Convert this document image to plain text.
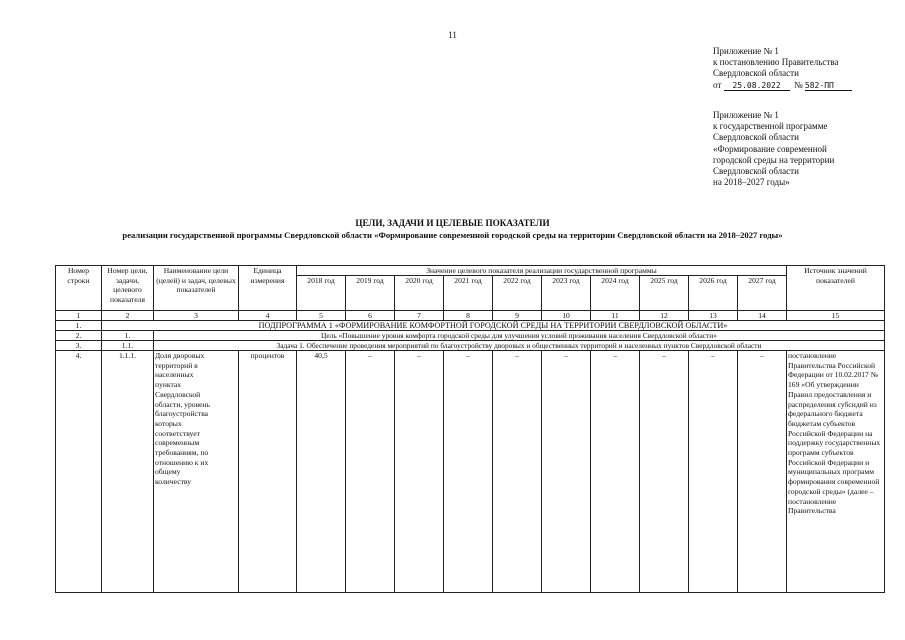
11
Приложение № 1
к постановлению Правительства
Свердловской области
от 25.08.2022 № 582-ПП
Приложение № 1
к государственной программе
Свердловской области
«Формирование современной
городской среды на территории
Свердловской области
на 2018–2027 годы»
ЦЕЛИ, ЗАДАЧИ И ЦЕЛЕВЫЕ ПОКАЗАТЕЛИ
реализации государственной программы Свердловской области «Формирование современной городской среды на территории Свердловской области на 2018–2027 годы»
Номер строки	Номер цели, задачи, целевого показателя	Наименование цели (целей) и задач, целевых показателей	Единица измерения	Значение целевого показателя реализации государственной программы										Источник значений показателей
				2018 год	2019 год	2020 год	2021 год	2022 год	2023 год	2024 год	2025 год	2026 год	2027 год	
1	2	3	4	5	6	7	8	9	10	11	12	13	14	15
1.	ПОДПРОГРАММА 1 «ФОРМИРОВАНИЕ КОМФОРТНОЙ ГОРОДСКОЙ СРЕДЫ НА ТЕРРИТОРИИ СВЕРДЛОВСКОЙ ОБЛАСТИ»													
2.	1.	Цель «Повышение уровня комфорта городской среды для улучшения условий проживания населения Свердловской области»												
3.	1.1.	Задача 1. Обеспечение проведения мероприятий по благоустройству дворовых и общественных территорий и населенных пунктов Свердловской области												
4.	1.1.1.	Доля дворовых территорий в населенных пунктах Свердловской области, уровень благоустройства которых соответствует современным требованиям, по отношению к их общему количеству	процентов	40,5	–	–	–	–	–	–	–	–	–	постановление Правительства Российской Федерации от 10.02.2017 № 169 «Об утверждении Правил предоставления и распределения субсидий из федерального бюджета бюджетам субъектов Российской Федерации на поддержку государственных программ субъектов Российской Федерации и муниципальных программ формирования современной городской среды» (далее – постановление Правительства
